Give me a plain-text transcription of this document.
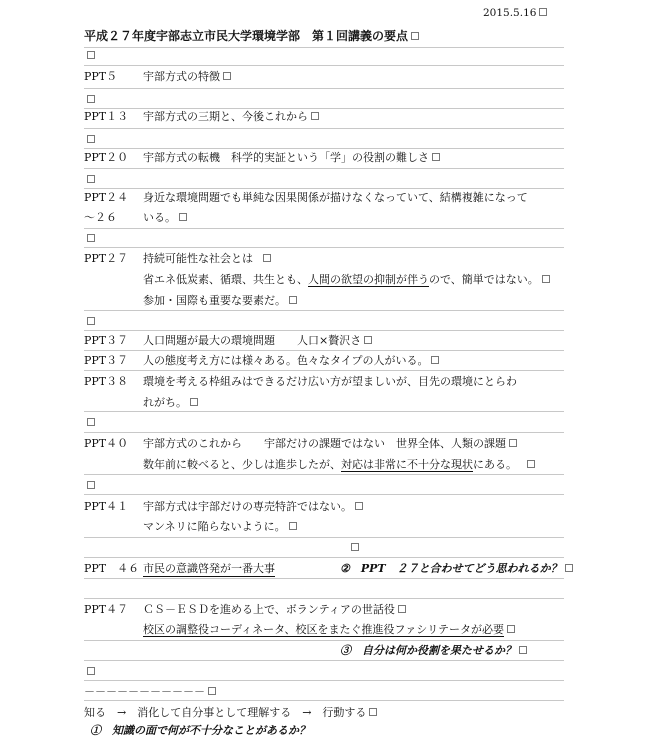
2015.5.16
平成２７年度宇部志立市民大学環境学部　第１回講義の要点
PPT５	宇部方式の特徴
PPT１３	宇部方式の三期と、今後これから
PPT２０	宇部方式の転機　科学的実証という「学」の役割の難しさ
PPT２４	身近な環境問題でも単純な因果関係が描けなくなっていて、結構複雑になって
～２６	いる。
PPT２７	持続可能性な社会とは
省エネ低炭素、循環、共生とも、人間の欲望の抑制が伴うので、簡単ではない。
参加・国際も重要な要素だ。
PPT３７	人口問題が最大の環境問題　　人口×贅沢さ
PPT３７	人の態度考え方には様々ある。色々なタイプの人がいる。
PPT３８	環境を考える枠組みはできるだけ広い方が望ましいが、目先の環境にとらわ
れがち。
PPT４０	宇部方式のこれから　　宇部だけの課題ではない　世界全体、人類の課題
数年前に較べると、少しは進歩したが、対応は非常に不十分な現状にある。
PPT４１	宇部方式は宇部だけの専売特許ではない。
マンネリに陥らないように。
PPT　４６ 市民の意識啓発が一番大事	②　PPT　２７と合わせてどう思われるか？
PPT４７	ＣＳ－ＥＳＤを進める上で、ボランティアの世話役
校区の調整役コーディネータ、校区をまたぐ推進役ファシリテータが必要
③　自分は何か役割を果たせるか？
－－－－－－－－－－－
知る　→　消化して自分事として理解する　→　行動する
①　知識の面で何が不十分なことがあるか？
